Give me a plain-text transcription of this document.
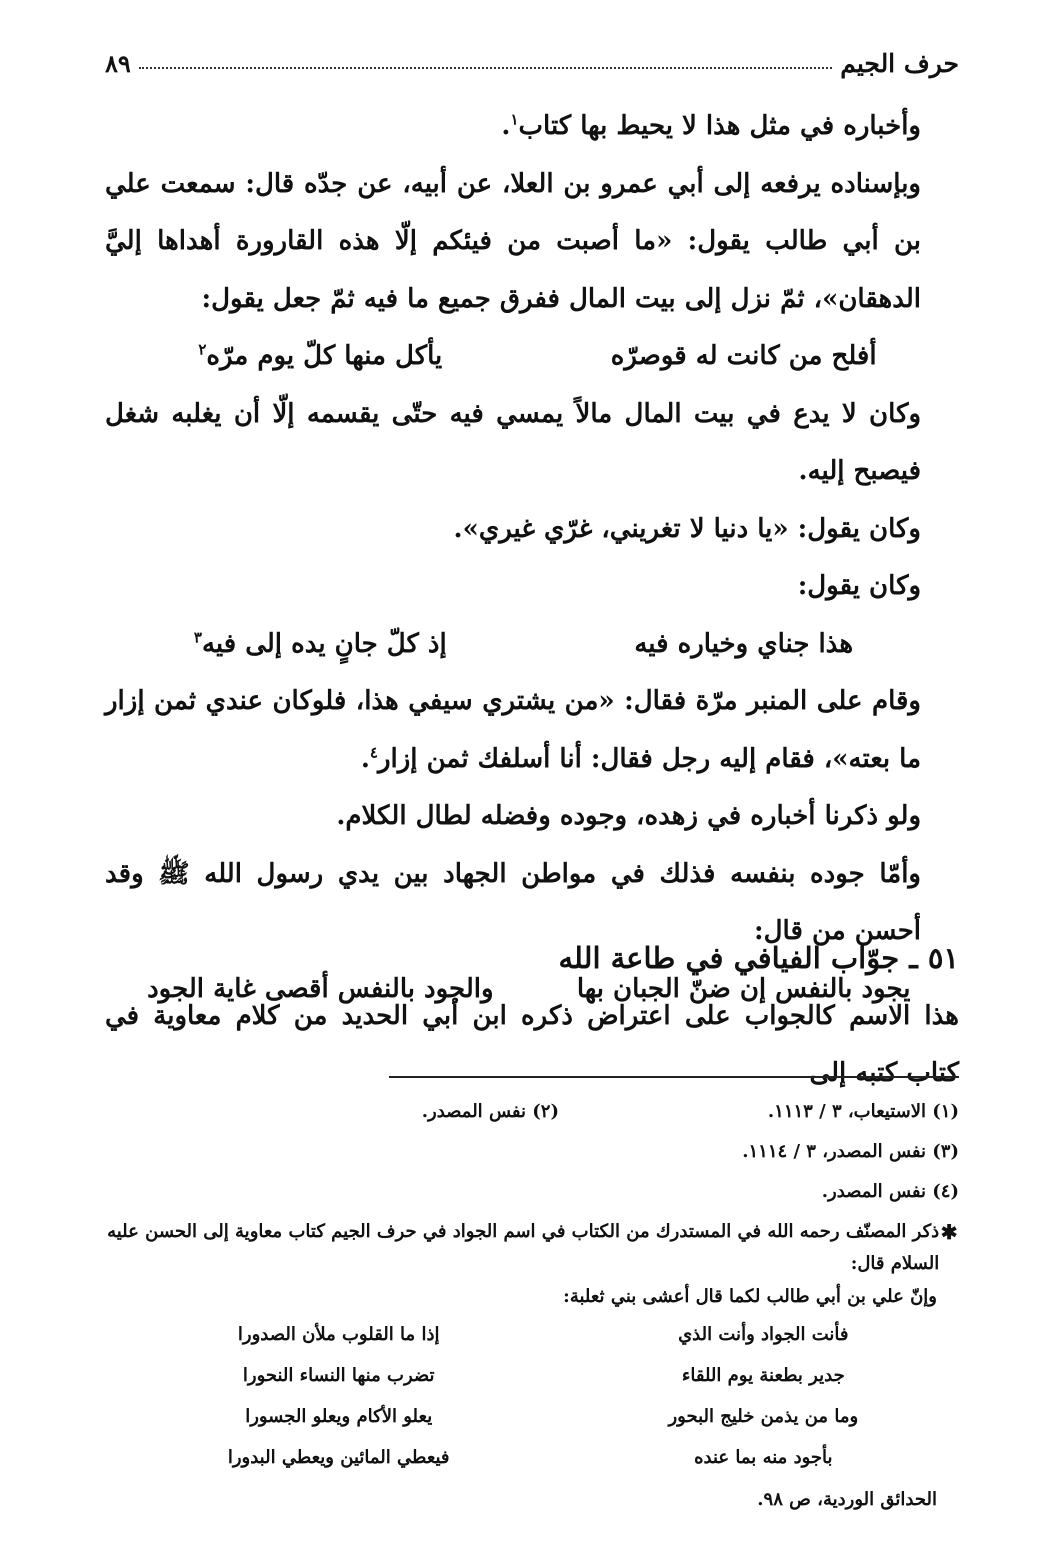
حرف الجيم
٨٩

وأخباره في مثل هذا لا يحيط بها كتاب$^١$.

وبإسناده يرفعه إلى أبي عمرو بن العلا، عن أبيه، عن جدّه قال: سمعت علي بن أبي طالب يقول: «ما أصبت من فيئكم إلّا هذه القارورة أهداها إليَّ الدهقان»، ثمّ نزل إلى بيت المال ففرق جميع ما فيه ثمّ جعل يقول:

أفلح من كانت له قوصرّه
يأكل منها كلّ يوم مرّه$^٢$

وكان لا يدع في بيت المال مالاً يمسي فيه حتّى يقسمه إلّا أن يغلبه شغل فيصبح إليه.

وكان يقول: «يا دنيا لا تغريني، غرّي غيري».

وكان يقول:

هذا جناي وخياره فيه
إذ كلّ جانٍ يده إلى فيه$^٣$

وقام على المنبر مرّة فقال: «من يشتري سيفي هذا، فلوكان عندي ثمن إزار ما بعته»، فقام إليه رجل فقال: أنا أسلفك ثمن إزار$^٤$.

ولو ذكرنا أخباره في زهده، وجوده وفضله لطال الكلام.

وأمّا جوده بنفسه فذلك في مواطن الجهاد بين يدي رسول الله ﷺ وقد أحسن من قال:

يجود بالنفس إن ضنّ الجبان بها
والجود بالنفس أقصى غاية الجود
٥١ ـ جوّاب الفيافي في طاعة الله

هذا الاسم كالجواب على اعتراض ذكره ابن أبي الحديد من كلام معاوية في كتاب كتبه إلى

(١) الاستيعاب، ٣ / ١١١٣.
(٢) نفس المصدر.
(٣) نفس المصدر، ٣ / ١١١٤.
(٤) نفس المصدر.
✱
ذكر المصنّف رحمه الله في المستدرك من الكتاب في اسم الجواد في حرف الجيم كتاب معاوية إلى الحسن عليه السلام قال:
وإنّ علي بن أبي طالب لكما قال أعشى بني ثعلبة:
فأنت الجواد وأنت الذي
إذا ما القلوب ملأن الصدورا
جدير بطعنة يوم اللقاء
تضرب منها النساء النحورا
وما من يذمن خليج البحور
يعلو الأكام ويعلو الجسورا
بأجود منه بما عنده
فيعطي المائين ويعطي البدورا
الحدائق الوردية، ص ٩٨.
